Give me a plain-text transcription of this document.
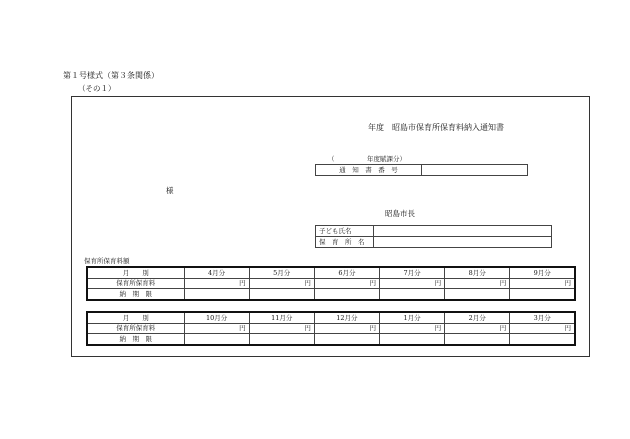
第１号様式（第３条関係）
（その１）
年度　昭島市保育所保育料納入通知書
（　　　　　年度賦課分）
通　知　書　番　号	
様
昭島市長
子ども氏名	
保　育　所　名	
保育所保育料額
月　　別	4月分	5月分	6月分	7月分	8月分	9月分
保育所保育料	円	円	円	円	円	円
納　期　限						
月　　別	10月分	11月分	12月分	1月分	2月分	3月分
保育所保育料	円	円	円	円	円	円
納　期　限						
